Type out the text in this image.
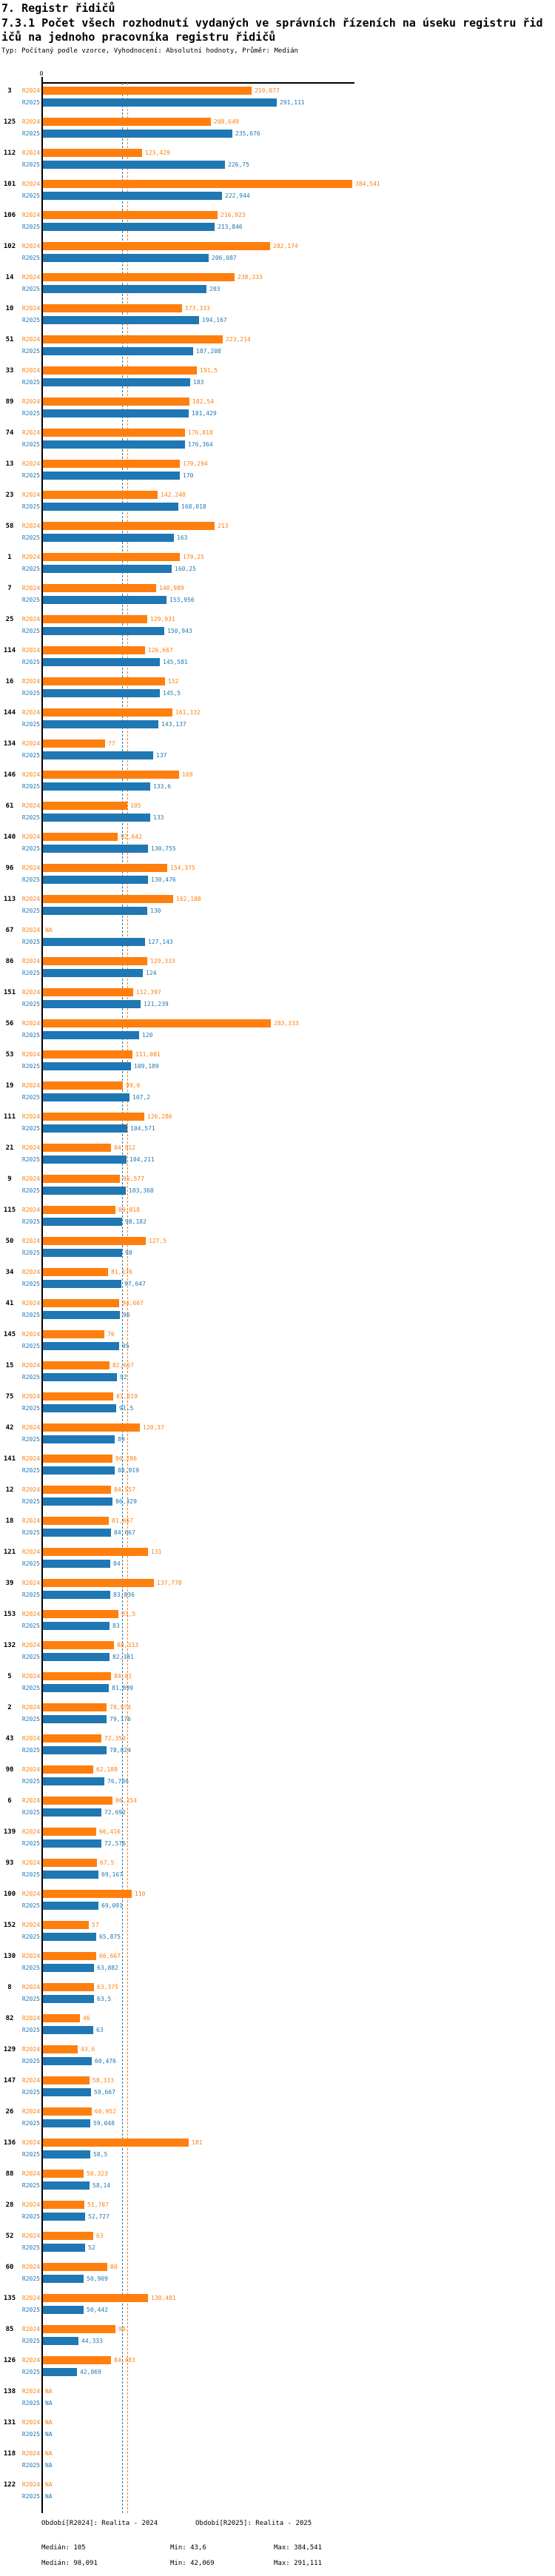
7. Registr řidičů
7.3.1 Počet všech rozhodnutí vydaných ve správních řízeních na úseku registru řidičů na jednoho pracovníka registru řidičů
Typ: Počítaný podle vzorce, Vyhodnocení: Absolutní hodnoty, Průměr: Medián
0
3	R2024	259,077
R2025	291,111
125	R2024	208,649
R2025	235,676
112	R2024	123,429
R2025	226,75
101	R2024	384,541
R2025	222,944
106	R2024	216,923
R2025	213,846
102	R2024	282,174
R2025	206,087
14	R2024	238,333
R2025	203
10	R2024	173,333
R2025	194,167
51	R2024	223,214
R2025	187,208
33	R2024	191,5
R2025	183
89	R2024	182,54
R2025	181,429
74	R2024	176,818
R2025	176,364
13	R2024	170,294
R2025	170
23	R2024	142,248
R2025	168,018
58	R2024	213
R2025	163
1	R2024	170,25
R2025	160,25
7	R2024	140,989
R2025	153,956
25	R2024	129,931
R2025	150,943
114	R2024	126,667
R2025	145,581
16	R2024	152
R2025	145,5
144	R2024	161,332
R2025	143,137
134	R2024	77
R2025	137
146	R2024	169
R2025	133,6
61	R2024	105
R2025	133
140	R2024	92,642
R2025	130,755
96	R2024	154,375
R2025	130,476
113	R2024	162,188
R2025	130
67	R2024 NA
R2025	127,143
86	R2024	129,333
R2025	124
151	R2024	112,397
R2025	121,239
56	R2024	283,333
R2025	120
53	R2024	111,081
R2025	109,189
19	R2024	99,6
R2025	107,2
111	R2024	126,286
R2025	104,571
21	R2024	84,912
R2025	104,211
9	R2024	95,577
R2025	103,368
115	R2024	89,818
R2025	98,182
50	R2024	127,5
R2025	98
34	R2024	81,176
R2025	97,647
41	R2024	94,667
R2025	96
145	R2024	76
R2025	95
15	R2024	82,667
R2025	92
75	R2024	87,619
R2025	91,5
42	R2024	120,37
R2025	89
141	R2024	86,286
R2025	88,919
12	R2024	84,557
R2025	86,329
18	R2024	81,667
R2025	84,667
121	R2024	131
R2025	84
39	R2024	137,778
R2025	83,836
153	R2024	93,5
R2025	83
132	R2024	88,333
R2025	82,381
5	R2024	84,81
R2025	81,899
2	R2024	78,974
R2025	79,176
43	R2024	72,353
R2025	78,824
90	R2024	62,188
R2025	76,786
6	R2024	86,154
R2025	72,692
139	R2024	66,416
R2025	72,576
93	R2024	67,5
R2025	69,167
100	R2024	110
R2025	69,091
152	R2024	57
R2025	65,875
130	R2024	66,667
R2025	63,882
8	R2024	63,375
R2025	63,5
82	R2024	46
R2025	63
129	R2024	43,6
R2025	60,476
147	R2024	58,333
R2025	59,667
26	R2024	60,952
R2025	59,048
136	R2024	181
R2025	58,5
88	R2024	50,323
R2025	58,14
28	R2024	51,707
R2025	52,727
52	R2024	63
R2025	52
60	R2024	80
R2025	50,909
135	R2024	130,481
R2025	50,442
85	R2024	90
R2025	44,333
126	R2024	84,483
R2025	42,069
138	R2024 NA
R2025 NA
131	R2024 NA
R2025 NA
118	R2024 NA
R2025 NA
122	R2024 NA
R2025 NA
Období[R2024]: Realita - 2024	Období[R2025]: Realita - 2025
Medián: 105	Min: 43,6	Max: 384,541
Medián: 98,091	Min: 42,069	Max: 291,111
